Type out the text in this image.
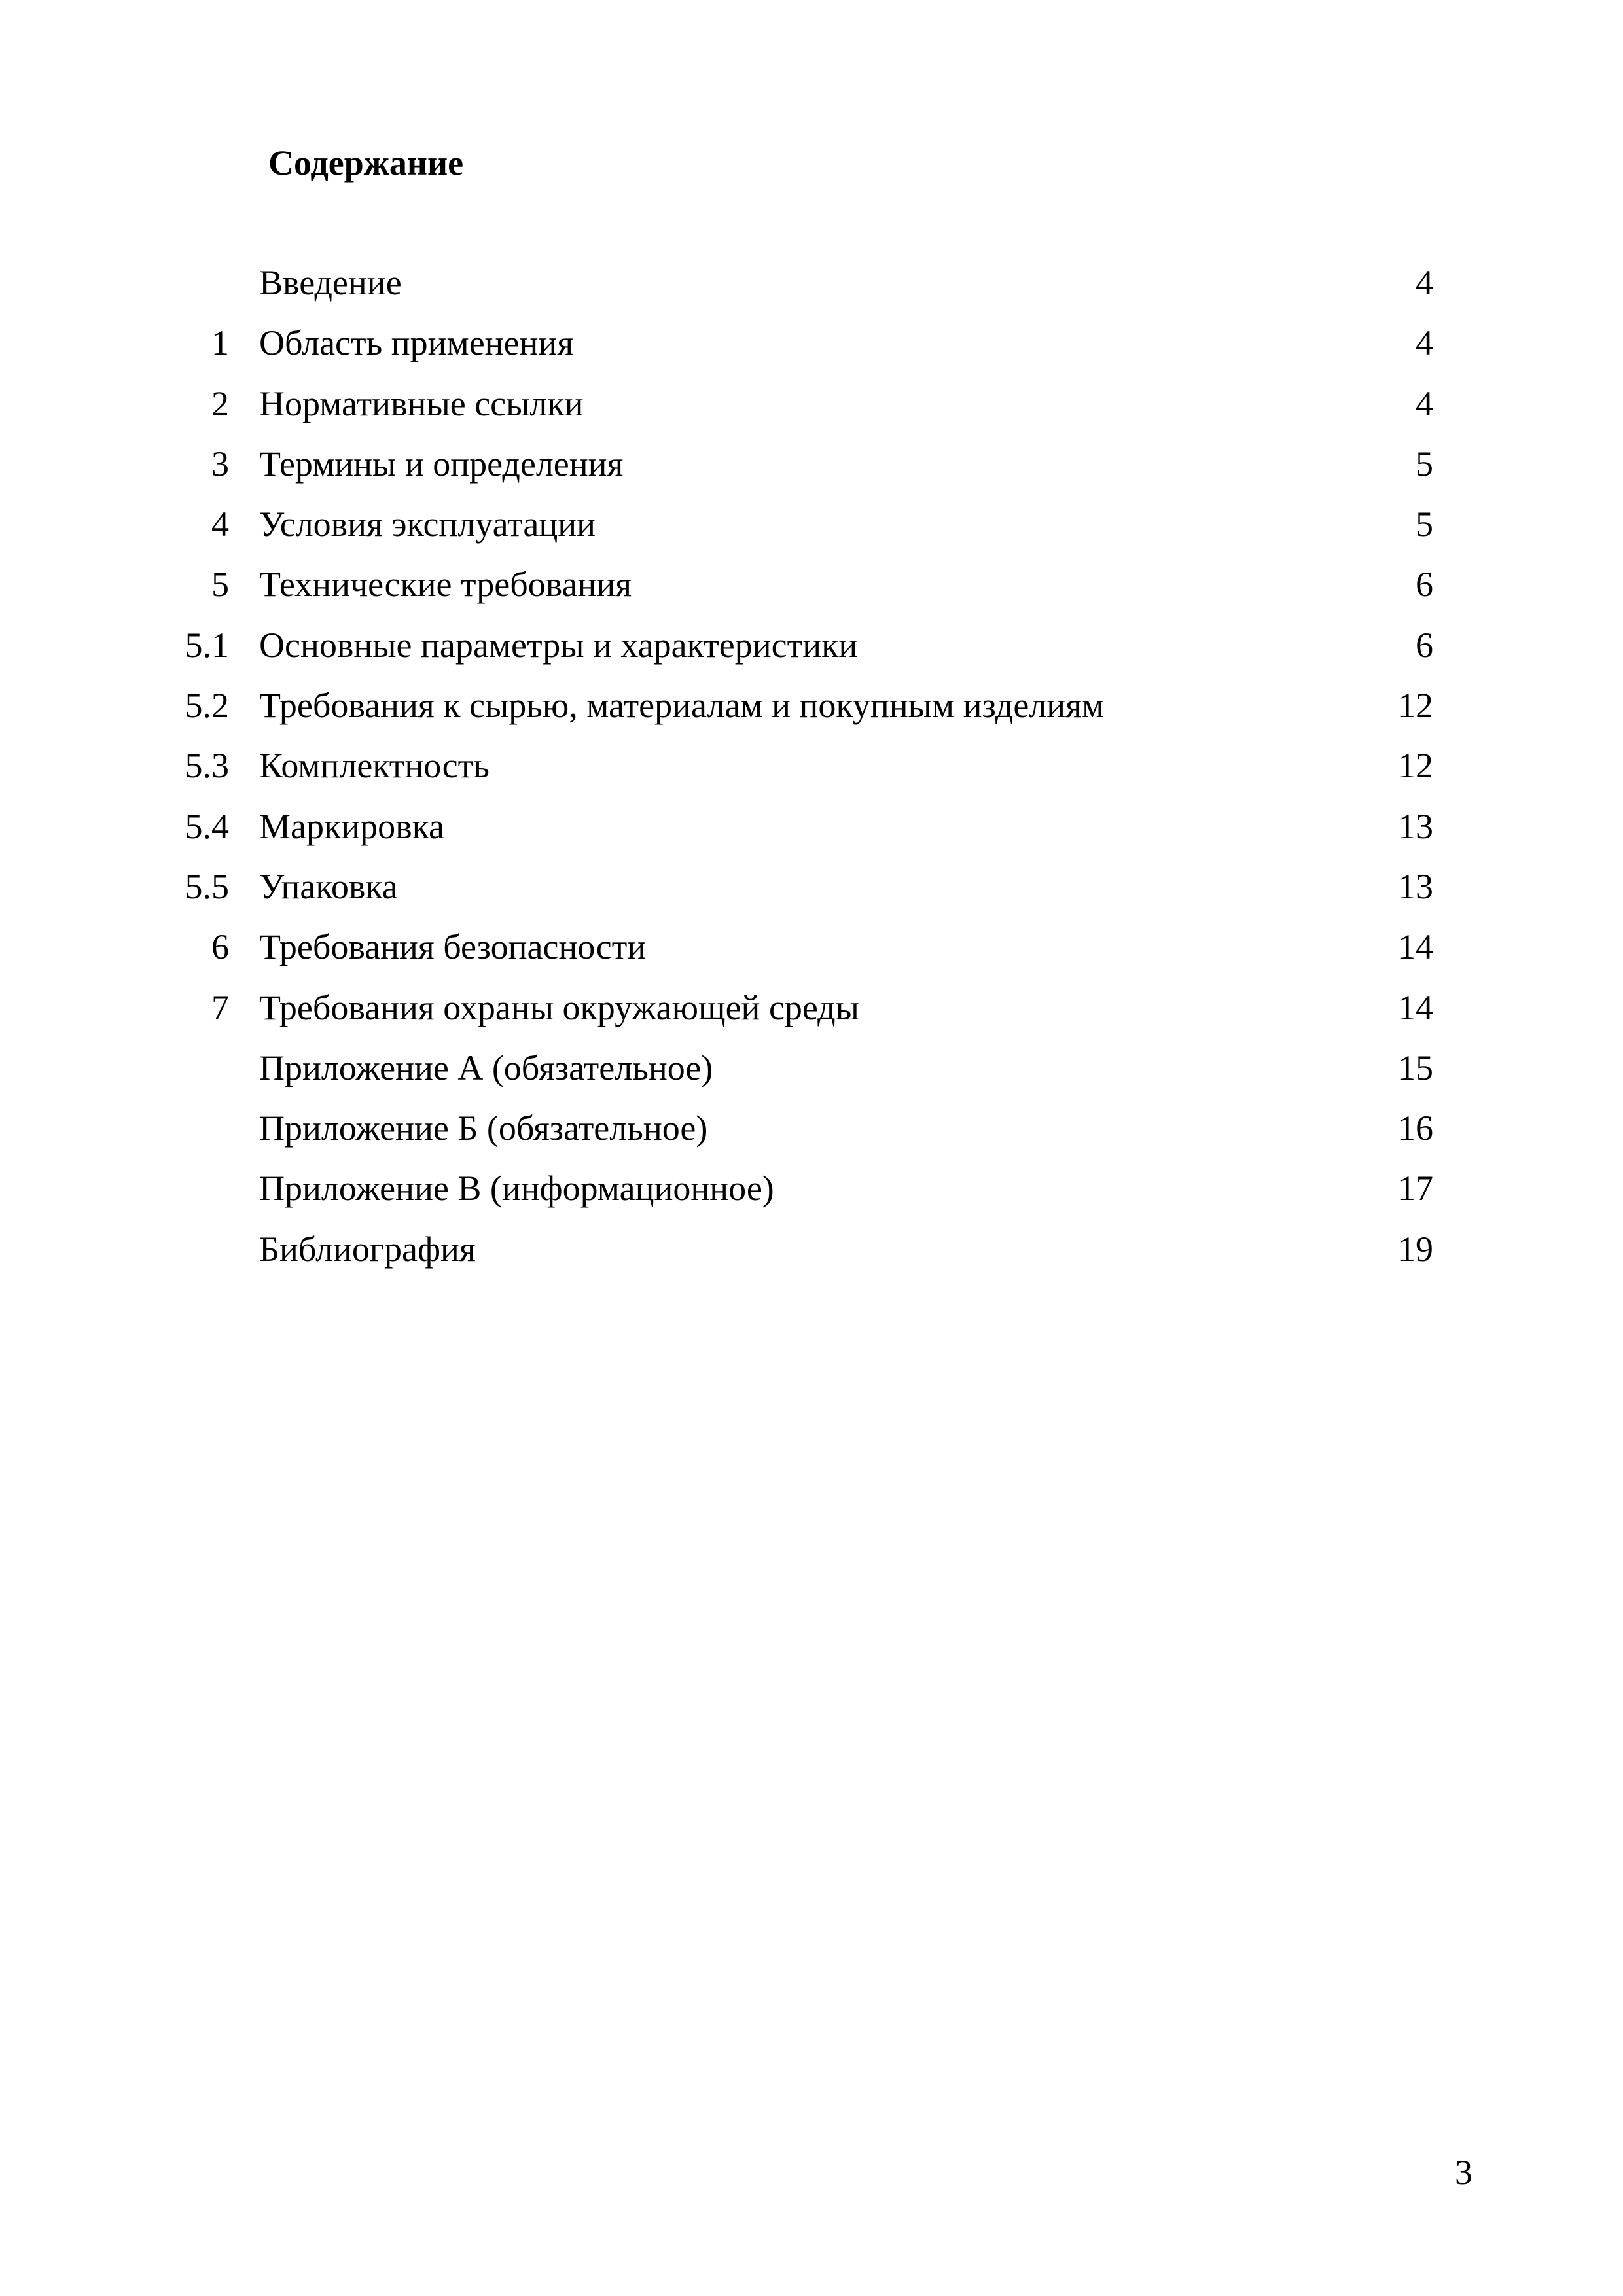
Содержание
Введение	4
1 Область применения	4
2 Нормативные ссылки	4
3 Термины и определения	5
4 Условия эксплуатации	5
5 Технические требования	6
5.1 Основные параметры и характеристики	6
5.2 Требования к сырью, материалам и покупным изделиям	12
5.3 Комплектность	12
5.4 Маркировка	13
5.5 Упаковка	13
6 Требования безопасности	14
7 Требования охраны окружающей среды	14
Приложение А (обязательное)	15
Приложение Б (обязательное)	16
Приложение В (информационное)	17
Библиография	19
3
